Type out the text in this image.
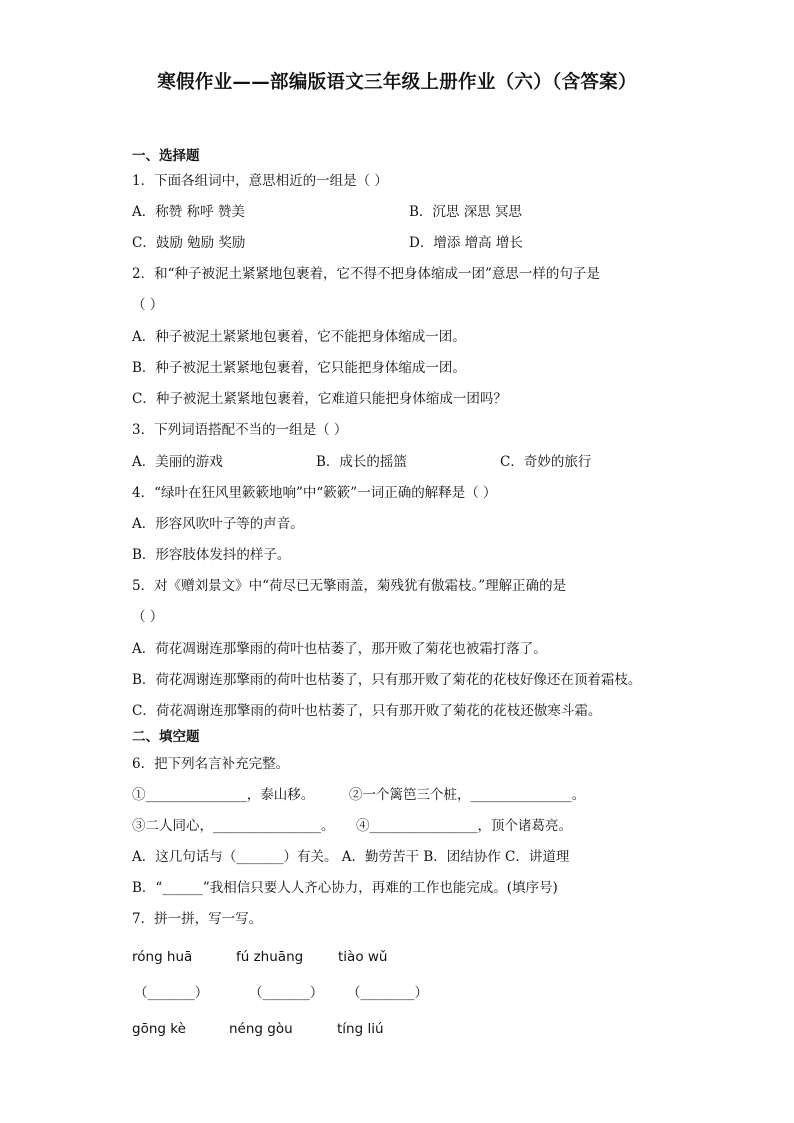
寒假作业——部编版语文三年级上册作业（六）（含答案）
一、选择题
1．下面各组词中，意思相近的一组是（ ）
A．称赞 称呼 赞美	B．沉思 深思 冥思
C．鼓励 勉励 奖励	D．增添 增高 增长
2．和“种子被泥土紧紧地包裹着，它不得不把身体缩成一团”意思一样的句子是
（ ）
A．种子被泥土紧紧地包裹着，它不能把身体缩成一团。
B．种子被泥土紧紧地包裹着，它只能把身体缩成一团。
C．种子被泥土紧紧地包裹着，它难道只能把身体缩成一团吗？
3．下列词语搭配不当的一组是（ ）
A．美丽的游戏	B．成长的摇篮	C．奇妙的旅行
4．“绿叶在狂风里簌簌地响”中“簌簌”一词正确的解释是（ ）
A．形容风吹叶子等的声音。
B．形容肢体发抖的样子。
5．对《赠刘景文》中“荷尽已无擎雨盖，菊残犹有傲霜枝。”理解正确的是
（ ）
A．荷花凋谢连那擎雨的荷叶也枯萎了，那开败了菊花也被霜打落了。
B．荷花凋谢连那擎雨的荷叶也枯萎了，只有那开败了菊花的花枝好像还在顶着霜枝。
C．荷花凋谢连那擎雨的荷叶也枯萎了，只有那开败了菊花的花枝还傲寒斗霜。
二、填空题
6．把下列名言补充完整。
①_______________，泰山移。	②一个篱笆三个桩，_______________。
③二人同心，________________。 ④________________，顶个诸葛亮。
A．这几句话与（_______）有关。 A．勤劳苦干 B．团结协作 C．讲道理
B．“______”我相信只要人人齐心协力，再难的工作也能完成。(填序号)
7．拼一拼，写一写。
róng huā	fú zhuāng	tiào wǔ
（_______）	（_______） （________）
gōng kè	néng gòu	tíng liú
